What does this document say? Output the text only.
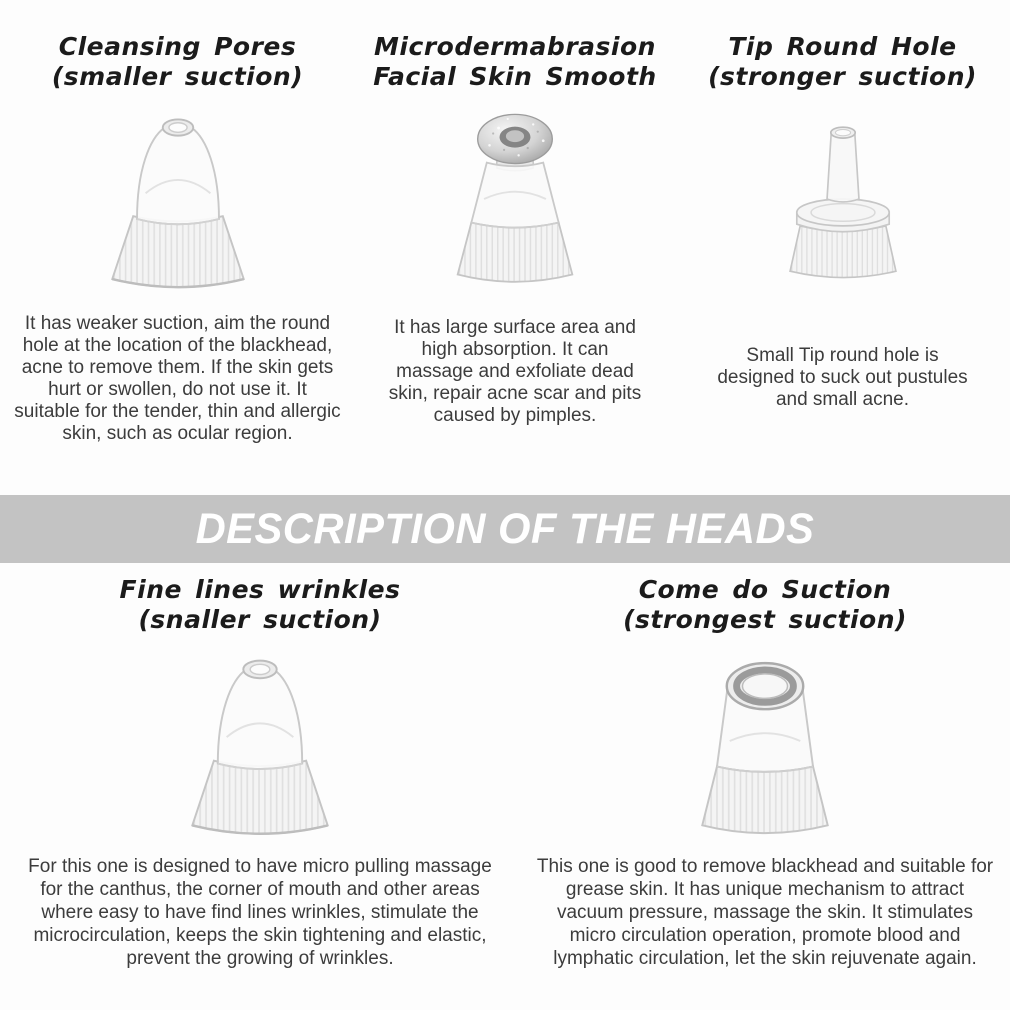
Cleansing Pores
(smaller suction)

It has weaker suction, aim the round hole at the location of the blackhead, acne to remove them. If the skin gets hurt or swollen, do not use it. It suitable for the tender, thin and allergic skin, such as ocular region.

Microdermabrasion
Facial Skin Smooth

It has large surface area and high absorption. It can massage and exfoliate dead skin, repair acne scar and pits caused by pimples.

Tip Round Hole
(stronger suction)

Small Tip round hole is designed to suck out pustules and small acne.

DESCRIPTION OF THE HEADS
Fine lines wrinkles
(snaller suction)

For this one is designed to have micro pulling massage for the canthus, the corner of mouth and other areas where easy to have find lines wrinkles, stimulate the microcirculation, keeps the skin tightening and elastic, prevent the growing of wrinkles.

Come do Suction
(strongest suction)

This one is good to remove blackhead and suitable for grease skin. It has unique mechanism to attract vacuum pressure, massage the skin. It stimulates micro circulation operation, promote blood and lymphatic circulation, let the skin rejuvenate again.
